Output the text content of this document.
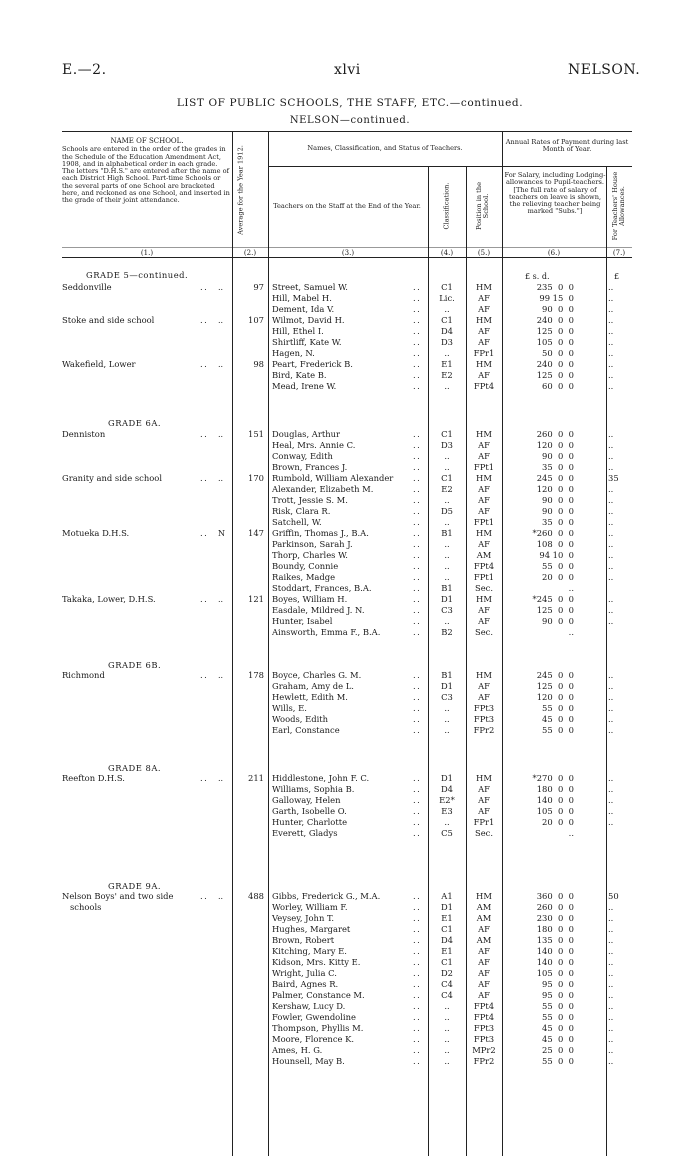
E.—2.	xlvi	NELSON.
LIST OF PUBLIC SCHOOLS, THE STAFF, ETC.—continued.
NELSON—continued.
NAME OF SCHOOL.
Schools are entered in the order of the grades in the Schedule of the Education Amendment Act, 1908, and in alphabetical order in each grade. The letters "D.H.S." are entered after the name of each District High School. Part-time Schools or the several parts of one School are bracketed here, and reckoned as one School, and inserted in the grade of their joint attendance.	Average for the Year 1912.	Names, Classification, and Status of Teachers.
Teachers on the Staff at the End of the Year.	Classification.	Position in the School.
Annual Rates of Payment during last Month of Year.
For Salary, including Lodging-allowances to Pupil-teachers. [The full rate of salary of teachers on leave is shown, the relieving teacher being marked "Subs."]	For Teachers' House Allowances.
(1.)	(2.)	(3.)	(4.)	(5.)	(6.)	(7.)
£ s. d.	£
GRADE 5—continued.
Seddonville	.. ..	97 Street, Samuel W.	..	C1	HM	235  0  0	..
Hill, Mabel H.	..	Lic.	AF	99 15  0	..
Dement, Ida V.	..	..	AF	90  0  0	..
Stoke and side school	.. ..	107 Wilmot, David H.	..	C1	HM	240  0  0	..
Hill, Ethel I.	..	D4	AF	125  0  0	..
Shirtliff, Kate W.	..	D3	AF	105  0  0	..
Hagen, N.	..	..	FPr1	50  0  0	..
Wakefield, Lower	.. ..	98 Peart, Frederick B.	..	E1	HM	240  0  0	..
Bird, Kate B.	..	E2	AF	125  0  0	..
Mead, Irene W.	..	..	FPt4	60  0  0	..
GRADE 6A.
Denniston	.. ..	151 Douglas, Arthur	..	C1	HM	260  0  0	..
Heal, Mrs. Annie C.	..	D3	AF	120  0  0	..
Conway, Edith	..	..	AF	90  0  0	..
Brown, Frances J.	..	..	FPt1	35  0  0	..
Granity and side school	.. ..	170 Rumbold, William Alexander ..	C1	HM	245  0  0	35
Alexander, Elizabeth M.	..	E2	AF	120  0  0	..
Trott, Jessie S. M.	..	..	AF	90  0  0	..
Risk, Clara R.	..	D5	AF	90  0  0	..
Satchell, W.	..	..	FPt1	35  0  0	..
Motueka D.H.S.	.. N	147 Griffin, Thomas J., B.A.	..	B1	HM	*260  0  0	..
Parkinson, Sarah J.	..	..	AF	108  0  0	..
Thorp, Charles W.	..	..	AM	94 10  0	..
Boundy, Connie	..	..	FPt4	55  0  0	..
Raikes, Madge	..	..	FPt1	20  0  0	..
Stoddart, Frances, B.A.	..	B1	Sec.	..
Takaka, Lower, D.H.S.	.. ..	121 Boyes, William H.	..	D1	HM	*245  0  0	..
Easdale, Mildred J. N.	..	C3	AF	125  0  0	..
Hunter, Isabel	..	..	AF	90  0  0	..
Ainsworth, Emma F., B.A.	..	B2	Sec.	..
GRADE 6B.
Richmond	.. ..	178 Boyce, Charles G. M.	..	B1	HM	245  0  0	..
Graham, Amy de L.	..	D1	AF	125  0  0	..
Hewlett, Edith M.	..	C3	AF	120  0  0	..
Wills, E.	..	..	FPt3	55  0  0	..
Woods, Edith	..	..	FPt3	45  0  0	..
Earl, Constance	..	..	FPr2	55  0  0	..
GRADE 8A.
Reefton D.H.S.	.. ..	211 Hiddlestone, John F. C.	..	D1	HM	*270  0  0	..
Williams, Sophia B.	..	D4	AF	180  0  0	..
Galloway, Helen	..	E2*	AF	140  0  0	..
Garth, Isobelle O.	..	E3	AF	105  0  0	..
Hunter, Charlotte	..	..	FPr1	20  0  0	..
Everett, Gladys	..	C5	Sec.	..
GRADE 9A.
Nelson Boys' and two side
schools
.. ..	488 Gibbs, Frederick G., M.A.	..	A1	HM	360  0  0	50
Worley, William F.	..	D1	AM	260  0  0	..
Veysey, John T.	..	E1	AM	230  0  0	..
Hughes, Margaret	..	C1	AF	180  0  0	..
Brown, Robert	..	D4	AM	135  0  0	..
Kitching, Mary E.	..	E1	AF	140  0  0	..
Kidson, Mrs. Kitty E.	..	C1	AF	140  0  0	..
Wright, Julia C.	..	D2	AF	105  0  0	..
Baird, Agnes R.	..	C4	AF	95  0  0	..
Palmer, Constance M.	..	C4	AF	95  0  0	..
Kershaw, Lucy D.	..	..	FPt4	55  0  0	..
Fowler, Gwendoline	..	..	FPt4	55  0  0	..
Thompson, Phyllis M.	..	..	FPt3	45  0  0	..
Moore, Florence K.	..	..	FPt3	45  0  0	..
Ames, H. G.	..	..	MPr2	25  0  0	..
Hounsell, May B.	..	..	FPr2	55  0  0	..
